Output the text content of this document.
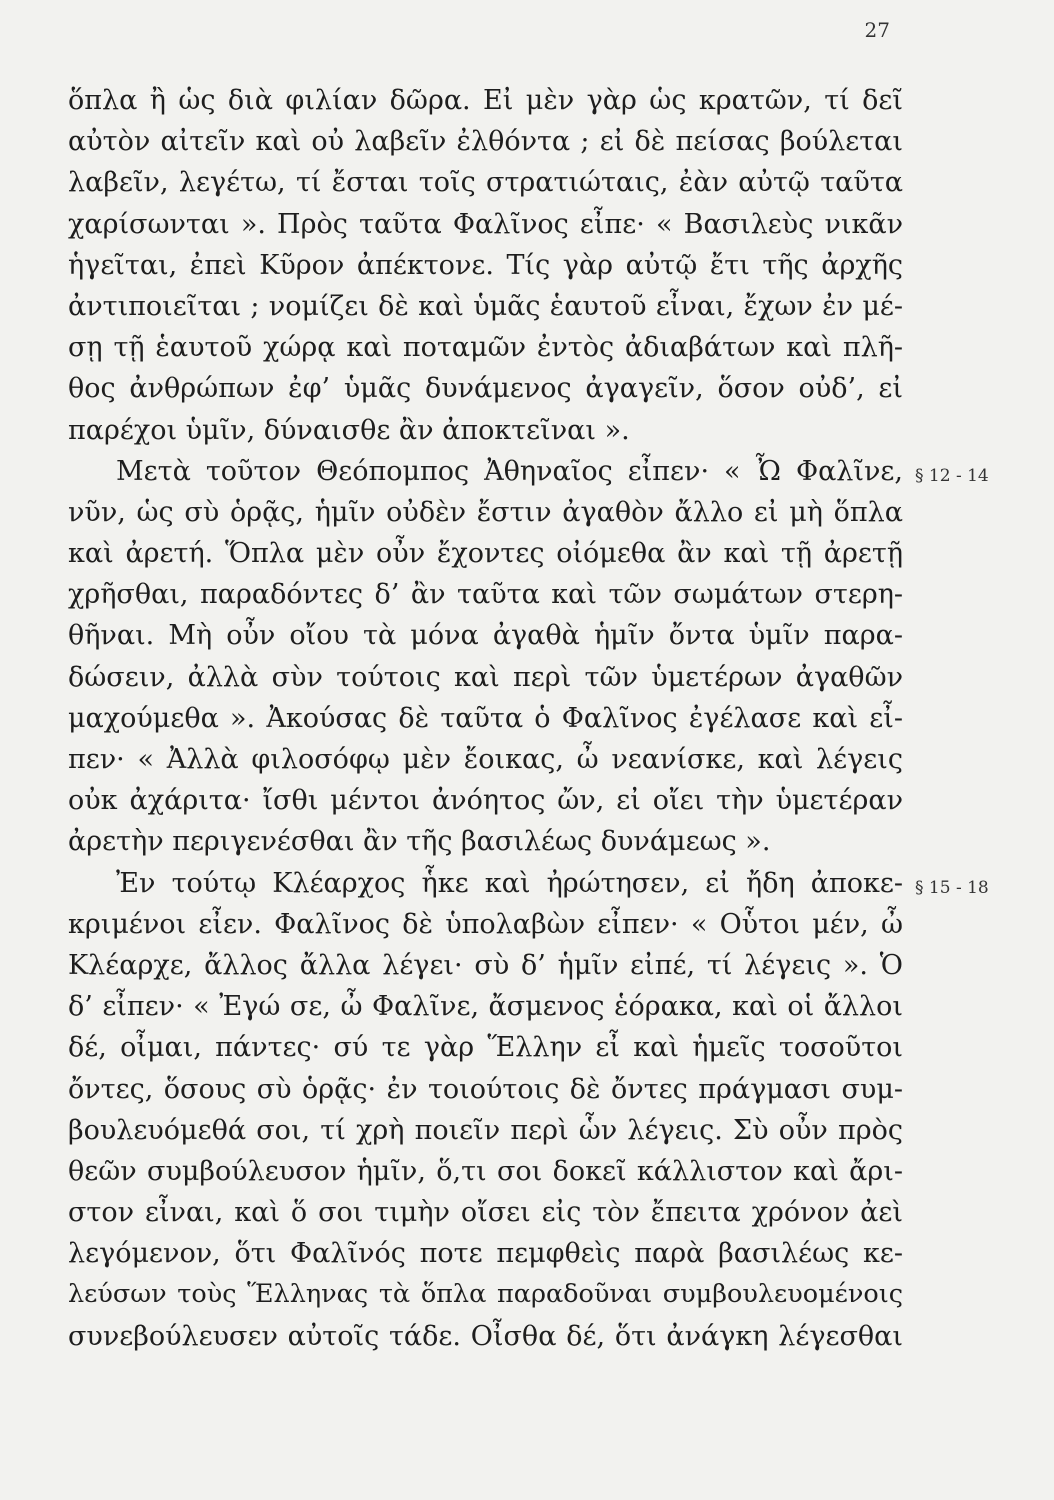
27
ὅπλα ἢ ὡς διὰ φιλίαν δῶρα. Εἰ μὲν γὰρ ὡς κρατῶν, τί δεῖ
αὐτὸν αἰτεῖν καὶ οὐ λαβεῖν ἐλθόντα ; εἰ δὲ πείσας βούλεται
λαβεῖν, λεγέτω, τί ἔσται τοῖς στρατιώταις, ἐὰν αὐτῷ ταῦτα
χαρίσωνται ». Πρὸς ταῦτα Φαλῖνος εἶπε· « Βασιλεὺς νικᾶν
ἡγεῖται, ἐπεὶ Κῦρον ἀπέκτονε. Τίς γὰρ αὐτῷ ἔτι τῆς ἀρχῆς
ἀντιποιεῖται ; νομίζει δὲ καὶ ὑμᾶς ἑαυτοῦ εἶναι, ἔχων ἐν μέ-
σῃ τῇ ἑαυτοῦ χώρᾳ καὶ ποταμῶν ἐντὸς ἀδιαβάτων καὶ πλῆ-
θος ἀνθρώπων ἐφ’ ὑμᾶς δυνάμενος ἀγαγεῖν, ὅσον οὐδ’, εἰ
παρέχοι ὑμῖν, δύναισθε ἂν ἀποκτεῖναι ».
Μετὰ τοῦτον Θεόπομπος Ἀθηναῖος εἶπεν· « Ὦ Φαλῖνε,
νῦν, ὡς σὺ ὁρᾷς, ἡμῖν οὐδὲν ἔστιν ἀγαθὸν ἄλλο εἰ μὴ ὅπλα
καὶ ἀρετή. Ὅπλα μὲν οὖν ἔχοντες οἰόμεθα ἂν καὶ τῇ ἀρετῇ
χρῆσθαι, παραδόντες δ’ ἂν ταῦτα καὶ τῶν σωμάτων στερη-
θῆναι. Μὴ οὖν οἴου τὰ μόνα ἀγαθὰ ἡμῖν ὄντα ὑμῖν παρα-
δώσειν, ἀλλὰ σὺν τούτοις καὶ περὶ τῶν ὑμετέρων ἀγαθῶν
μαχούμεθα ». Ἀκούσας δὲ ταῦτα ὁ Φαλῖνος ἐγέλασε καὶ εἶ-
πεν· « Ἀλλὰ φιλοσόφῳ μὲν ἔοικας, ὦ νεανίσκε, καὶ λέγεις
οὐκ ἀχάριτα· ἴσθι μέντοι ἀνόητος ὤν, εἰ οἴει τὴν ὑμετέραν
ἀρετὴν περιγενέσθαι ἂν τῆς βασιλέως δυνάμεως ».
Ἐν τούτῳ Κλέαρχος ἧκε καὶ ἠρώτησεν, εἰ ἤδη ἀποκε-
κριμένοι εἶεν. Φαλῖνος δὲ ὑπολαβὼν εἶπεν· « Οὗτοι μέν, ὦ
Κλέαρχε, ἄλλος ἄλλα λέγει· σὺ δ’ ἡμῖν εἰπέ, τί λέγεις ». Ὁ
δ’ εἶπεν· « Ἐγώ σε, ὦ Φαλῖνε, ἄσμενος ἑόρακα, καὶ οἱ ἄλλοι
δέ, οἶμαι, πάντες· σύ τε γὰρ Ἕλλην εἶ καὶ ἡμεῖς τοσοῦτοι
ὄντες, ὅσους σὺ ὁρᾷς· ἐν τοιούτοις δὲ ὄντες πράγμασι συμ-
βουλευόμεθά σοι, τί χρὴ ποιεῖν περὶ ὧν λέγεις. Σὺ οὖν πρὸς
θεῶν συμβούλευσον ἡμῖν, ὅ,τι σοι δοκεῖ κάλλιστον καὶ ἄρι-
στον εἶναι, καὶ ὅ σοι τιμὴν οἴσει εἰς τὸν ἔπειτα χρόνον ἀεὶ
λεγόμενον, ὅτι Φαλῖνός ποτε πεμφθεὶς παρὰ βασιλέως κε-
λεύσων τοὺς Ἕλληνας τὰ ὅπλα παραδοῦναι συμβουλευομένοις
συνεβούλευσεν αὐτοῖς τάδε. Οἶσθα δέ, ὅτι ἀνάγκη λέγεσθαι
§ 12 - 14
§ 15 - 18
